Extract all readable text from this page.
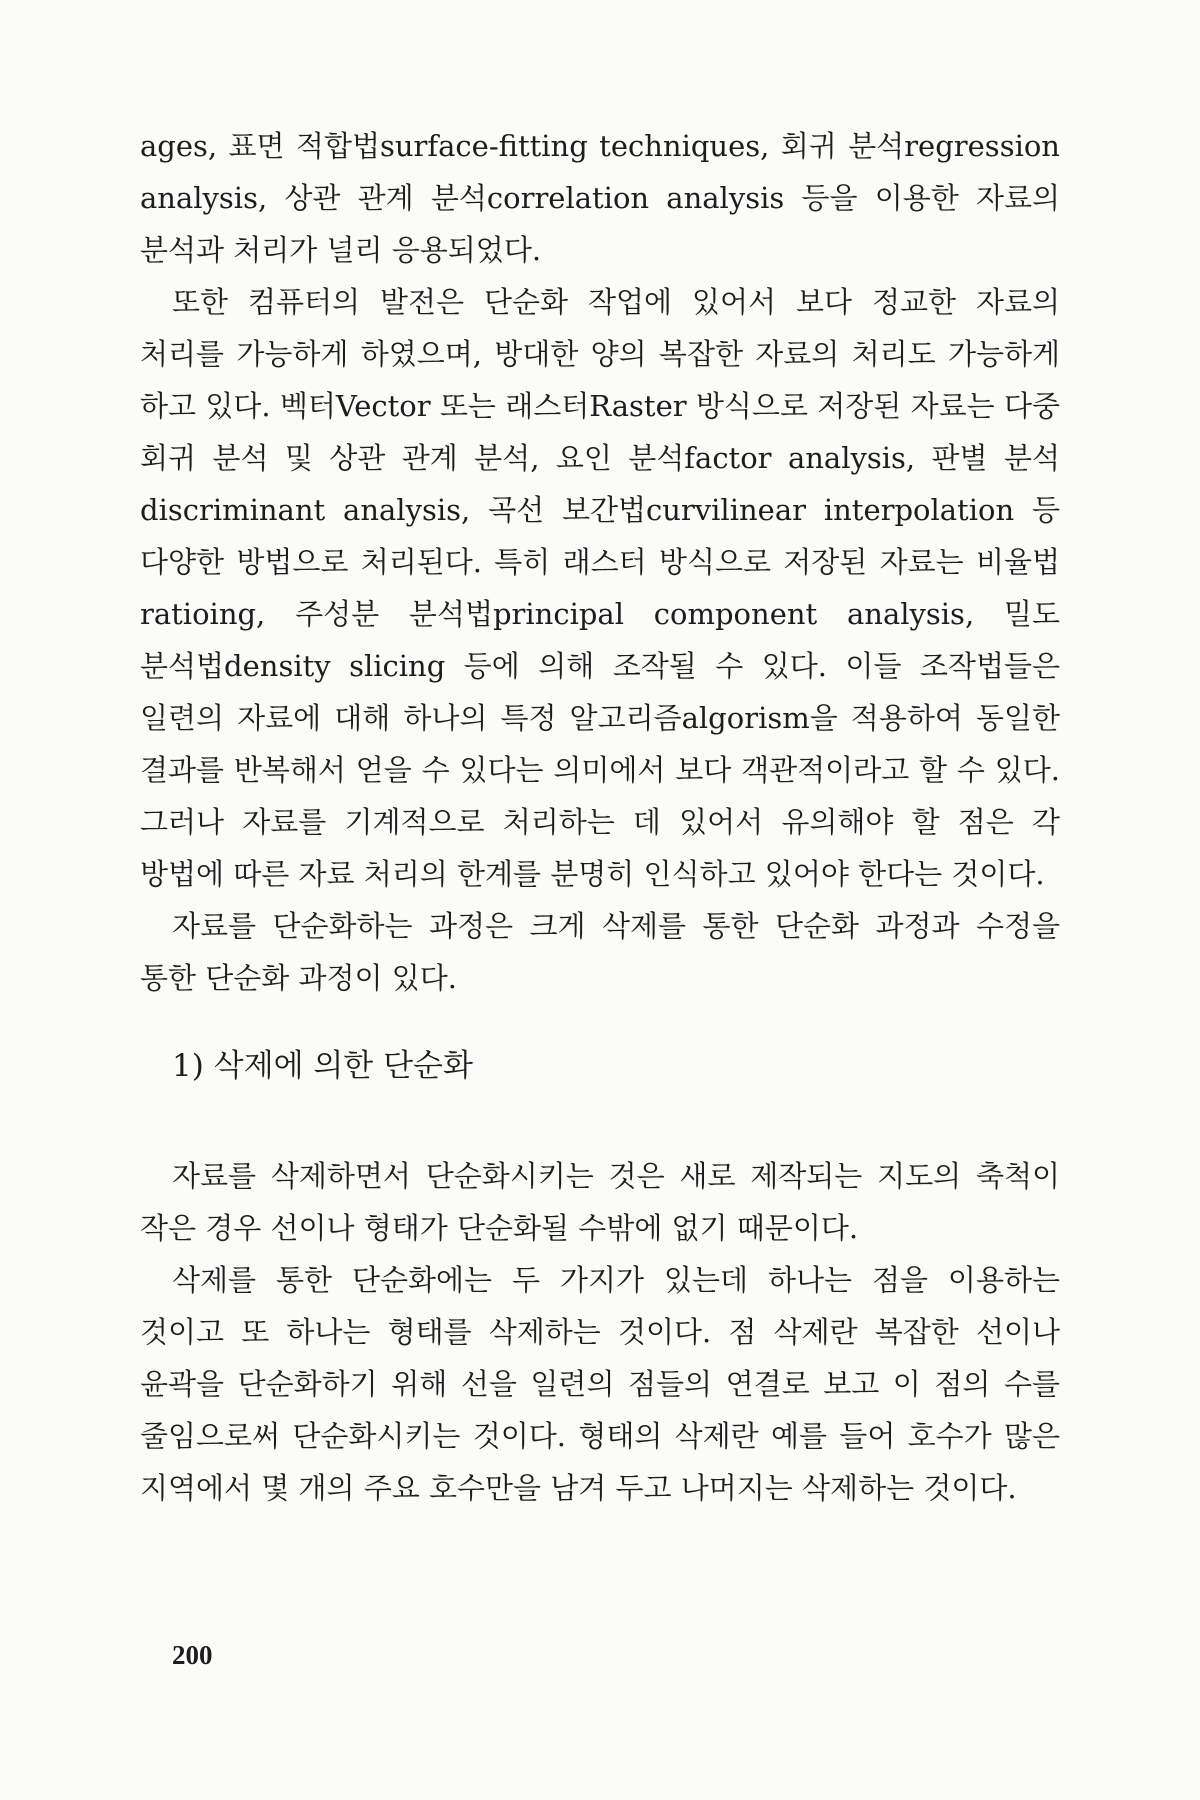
ages, 표면 적합법surface-fitting techniques, 회귀 분석regression analysis, 상관 관계 분석correlation analysis 등을 이용한 자료의 분석과 처리가 널리 응용되었다.

또한 컴퓨터의 발전은 단순화 작업에 있어서 보다 정교한 자료의 처리를 가능하게 하였으며, 방대한 양의 복잡한 자료의 처리도 가능하게 하고 있다. 벡터Vector 또는 래스터Raster 방식으로 저장된 자료는 다중 회귀 분석 및 상관 관계 분석, 요인 분석factor analysis, 판별 분석 discriminant analysis, 곡선 보간법curvilinear interpolation 등 다양한 방법으로 처리된다. 특히 래스터 방식으로 저장된 자료는 비율법 ratioing, 주성분 분석법principal component analysis, 밀도 분석법density slicing 등에 의해 조작될 수 있다. 이들 조작법들은 일련의 자료에 대해 하나의 특정 알고리즘algorism을 적용하여 동일한 결과를 반복해서 얻을 수 있다는 의미에서 보다 객관적이라고 할 수 있다. 그러나 자료를 기계적으로 처리하는 데 있어서 유의해야 할 점은 각 방법에 따른 자료 처리의 한계를 분명히 인식하고 있어야 한다는 것이다.

자료를 단순화하는 과정은 크게 삭제를 통한 단순화 과정과 수정을 통한 단순화 과정이 있다.

1) 삭제에 의한 단순화

자료를 삭제하면서 단순화시키는 것은 새로 제작되는 지도의 축척이 작은 경우 선이나 형태가 단순화될 수밖에 없기 때문이다.

삭제를 통한 단순화에는 두 가지가 있는데 하나는 점을 이용하는 것이고 또 하나는 형태를 삭제하는 것이다. 점 삭제란 복잡한 선이나 윤곽을 단순화하기 위해 선을 일련의 점들의 연결로 보고 이 점의 수를 줄임으로써 단순화시키는 것이다. 형태의 삭제란 예를 들어 호수가 많은 지역에서 몇 개의 주요 호수만을 남겨 두고 나머지는 삭제하는 것이다.

200
